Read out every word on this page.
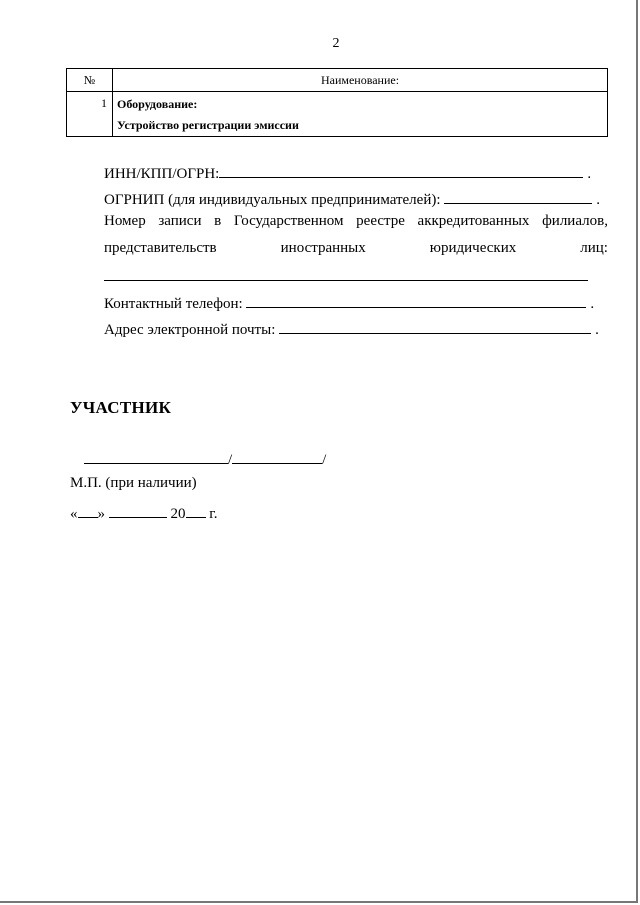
2
№	Наименование:
1	Оборудование:
Устройство регистрации эмиссии
ИНН/КПП/ОГРН:	.
ОГРНИП (для индивидуальных предпринимателей):	.
Номер записи в Государственном реестре аккредитованных филиалов,
представительств	иностранных	юридических	лиц:
Контактный телефон:	.
Адрес электронной почты:	.
УЧАСТНИК
/	/
М.П. (при наличии)
« »	20 г.
